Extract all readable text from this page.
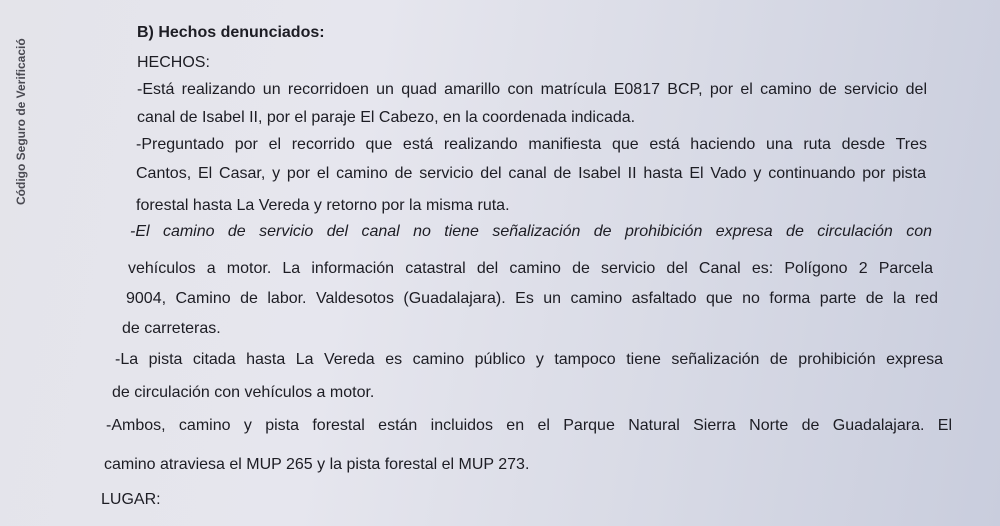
Código Seguro de Verificació
B) Hechos denunciados:
HECHOS:
-Está realizando un recorridoen un quad amarillo con matrícula E0817 BCP, por el camino de servicio del
canal de Isabel II, por el paraje El Cabezo, en la coordenada indicada.
-Preguntado por el recorrido que está realizando manifiesta que está haciendo una ruta desde Tres
Cantos, El Casar, y por el camino de servicio del canal de Isabel II hasta El Vado y continuando por pista
forestal hasta La Vereda y retorno por la misma ruta.
-El camino de servicio del canal no tiene señalización de prohibición expresa de circulación con
vehículos a motor. La información catastral del camino de servicio del Canal es: Polígono 2 Parcela
9004, Camino de labor. Valdesotos (Guadalajara). Es un camino asfaltado que no forma parte de la red
de carreteras.
-La pista citada hasta La Vereda es camino público y tampoco tiene señalización de prohibición expresa
de circulación con vehículos a motor.
-Ambos, camino y pista forestal están incluidos en el Parque Natural Sierra Norte de Guadalajara. El
camino atraviesa el MUP 265 y la pista forestal el MUP 273.
LUGAR:
